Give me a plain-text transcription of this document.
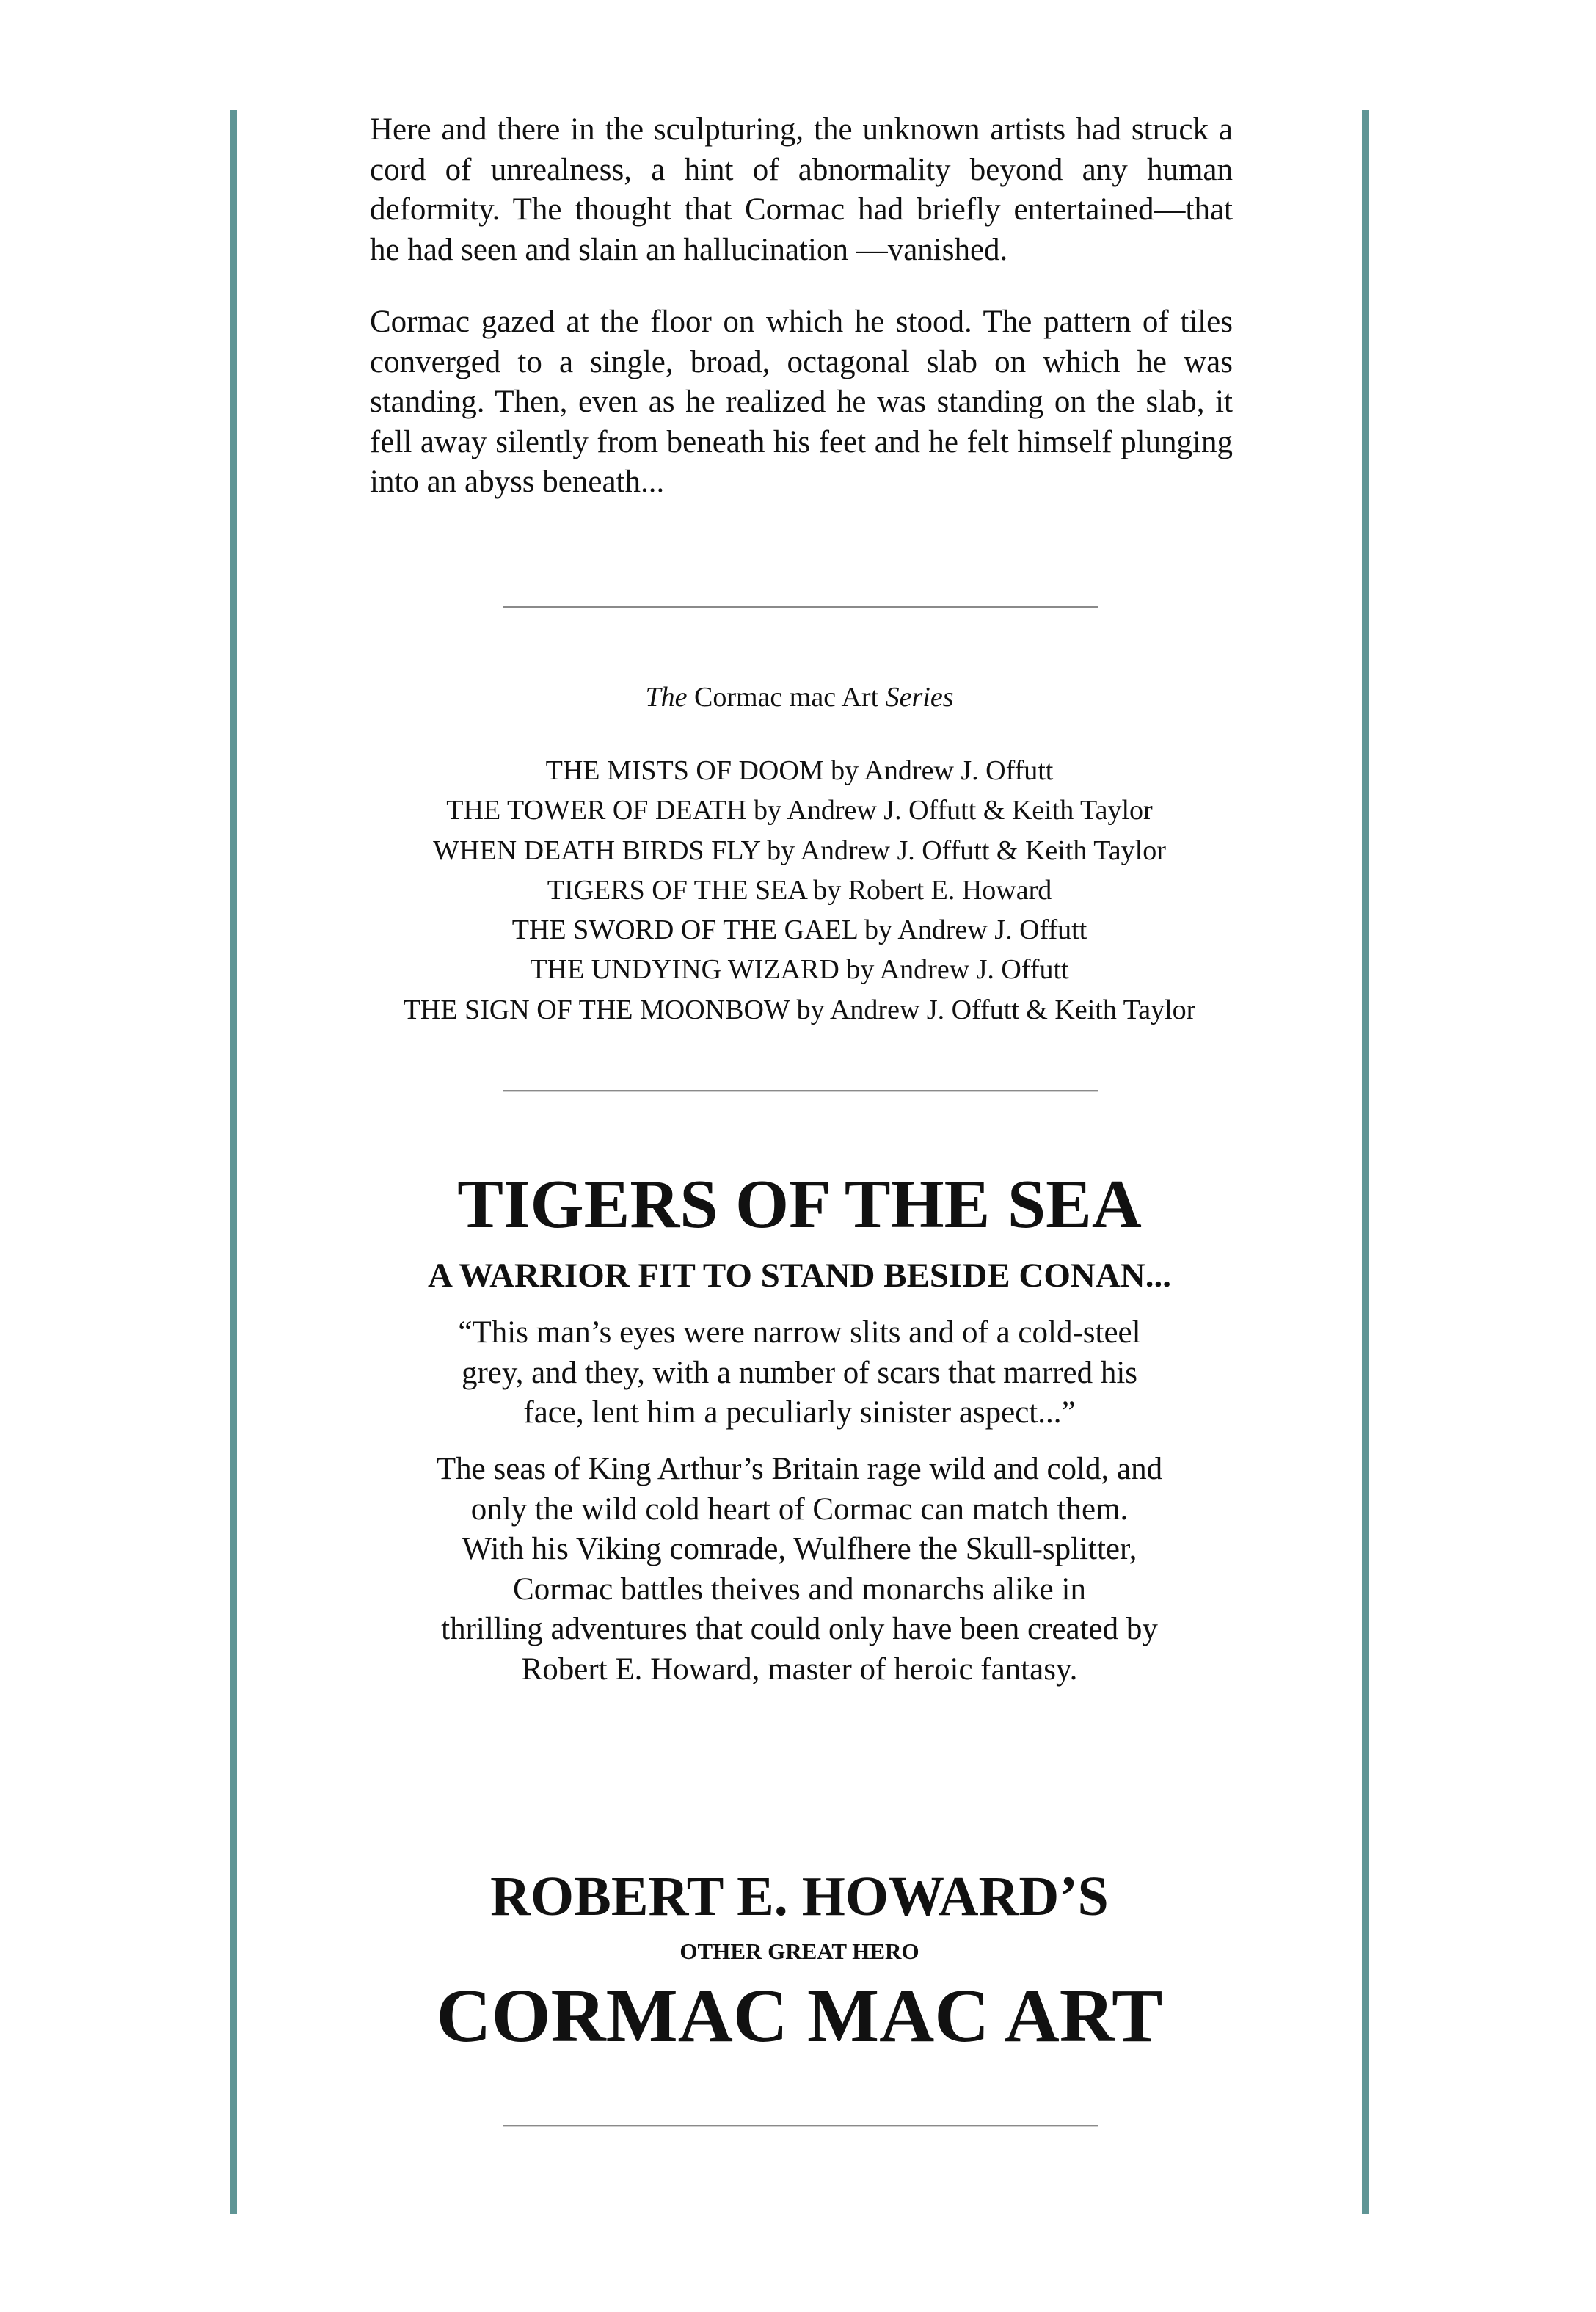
Here and there in the sculpturing, the unknown artists had struck a cord of unrealness, a hint of abnormality beyond any human deformity. The thought that Cormac had briefly entertained—that he had seen and slain an hallucination —vanished.

Cormac gazed at the floor on which he stood. The pattern of tiles converged to a single, broad, octagonal slab on which he was standing. Then, even as he realized he was standing on the slab, it fell away silently from beneath his feet and he felt himself plunging into an abyss beneath...

The Cormac mac Art Series
THE MISTS OF DOOM by Andrew J. Offutt
THE TOWER OF DEATH by Andrew J. Offutt & Keith Taylor
WHEN DEATH BIRDS FLY by Andrew J. Offutt & Keith Taylor
TIGERS OF THE SEA by Robert E. Howard
THE SWORD OF THE GAEL by Andrew J. Offutt
THE UNDYING WIZARD by Andrew J. Offutt
THE SIGN OF THE MOONBOW by Andrew J. Offutt & Keith Taylor
TIGERS OF THE SEA
A WARRIOR FIT TO STAND BESIDE CONAN...
“This man’s eyes were narrow slits and of a cold-steel
grey, and they, with a number of scars that marred his
face, lent him a peculiarly sinister aspect...”
The seas of King Arthur’s Britain rage wild and cold, and
only the wild cold heart of Cormac can match them.
With his Viking comrade, Wulfhere the Skull-splitter,
Cormac battles theives and monarchs alike in
thrilling adventures that could only have been created by
Robert E. Howard, master of heroic fantasy.
ROBERT E. HOWARD’S
OTHER GREAT HERO
CORMAC MAC ART
